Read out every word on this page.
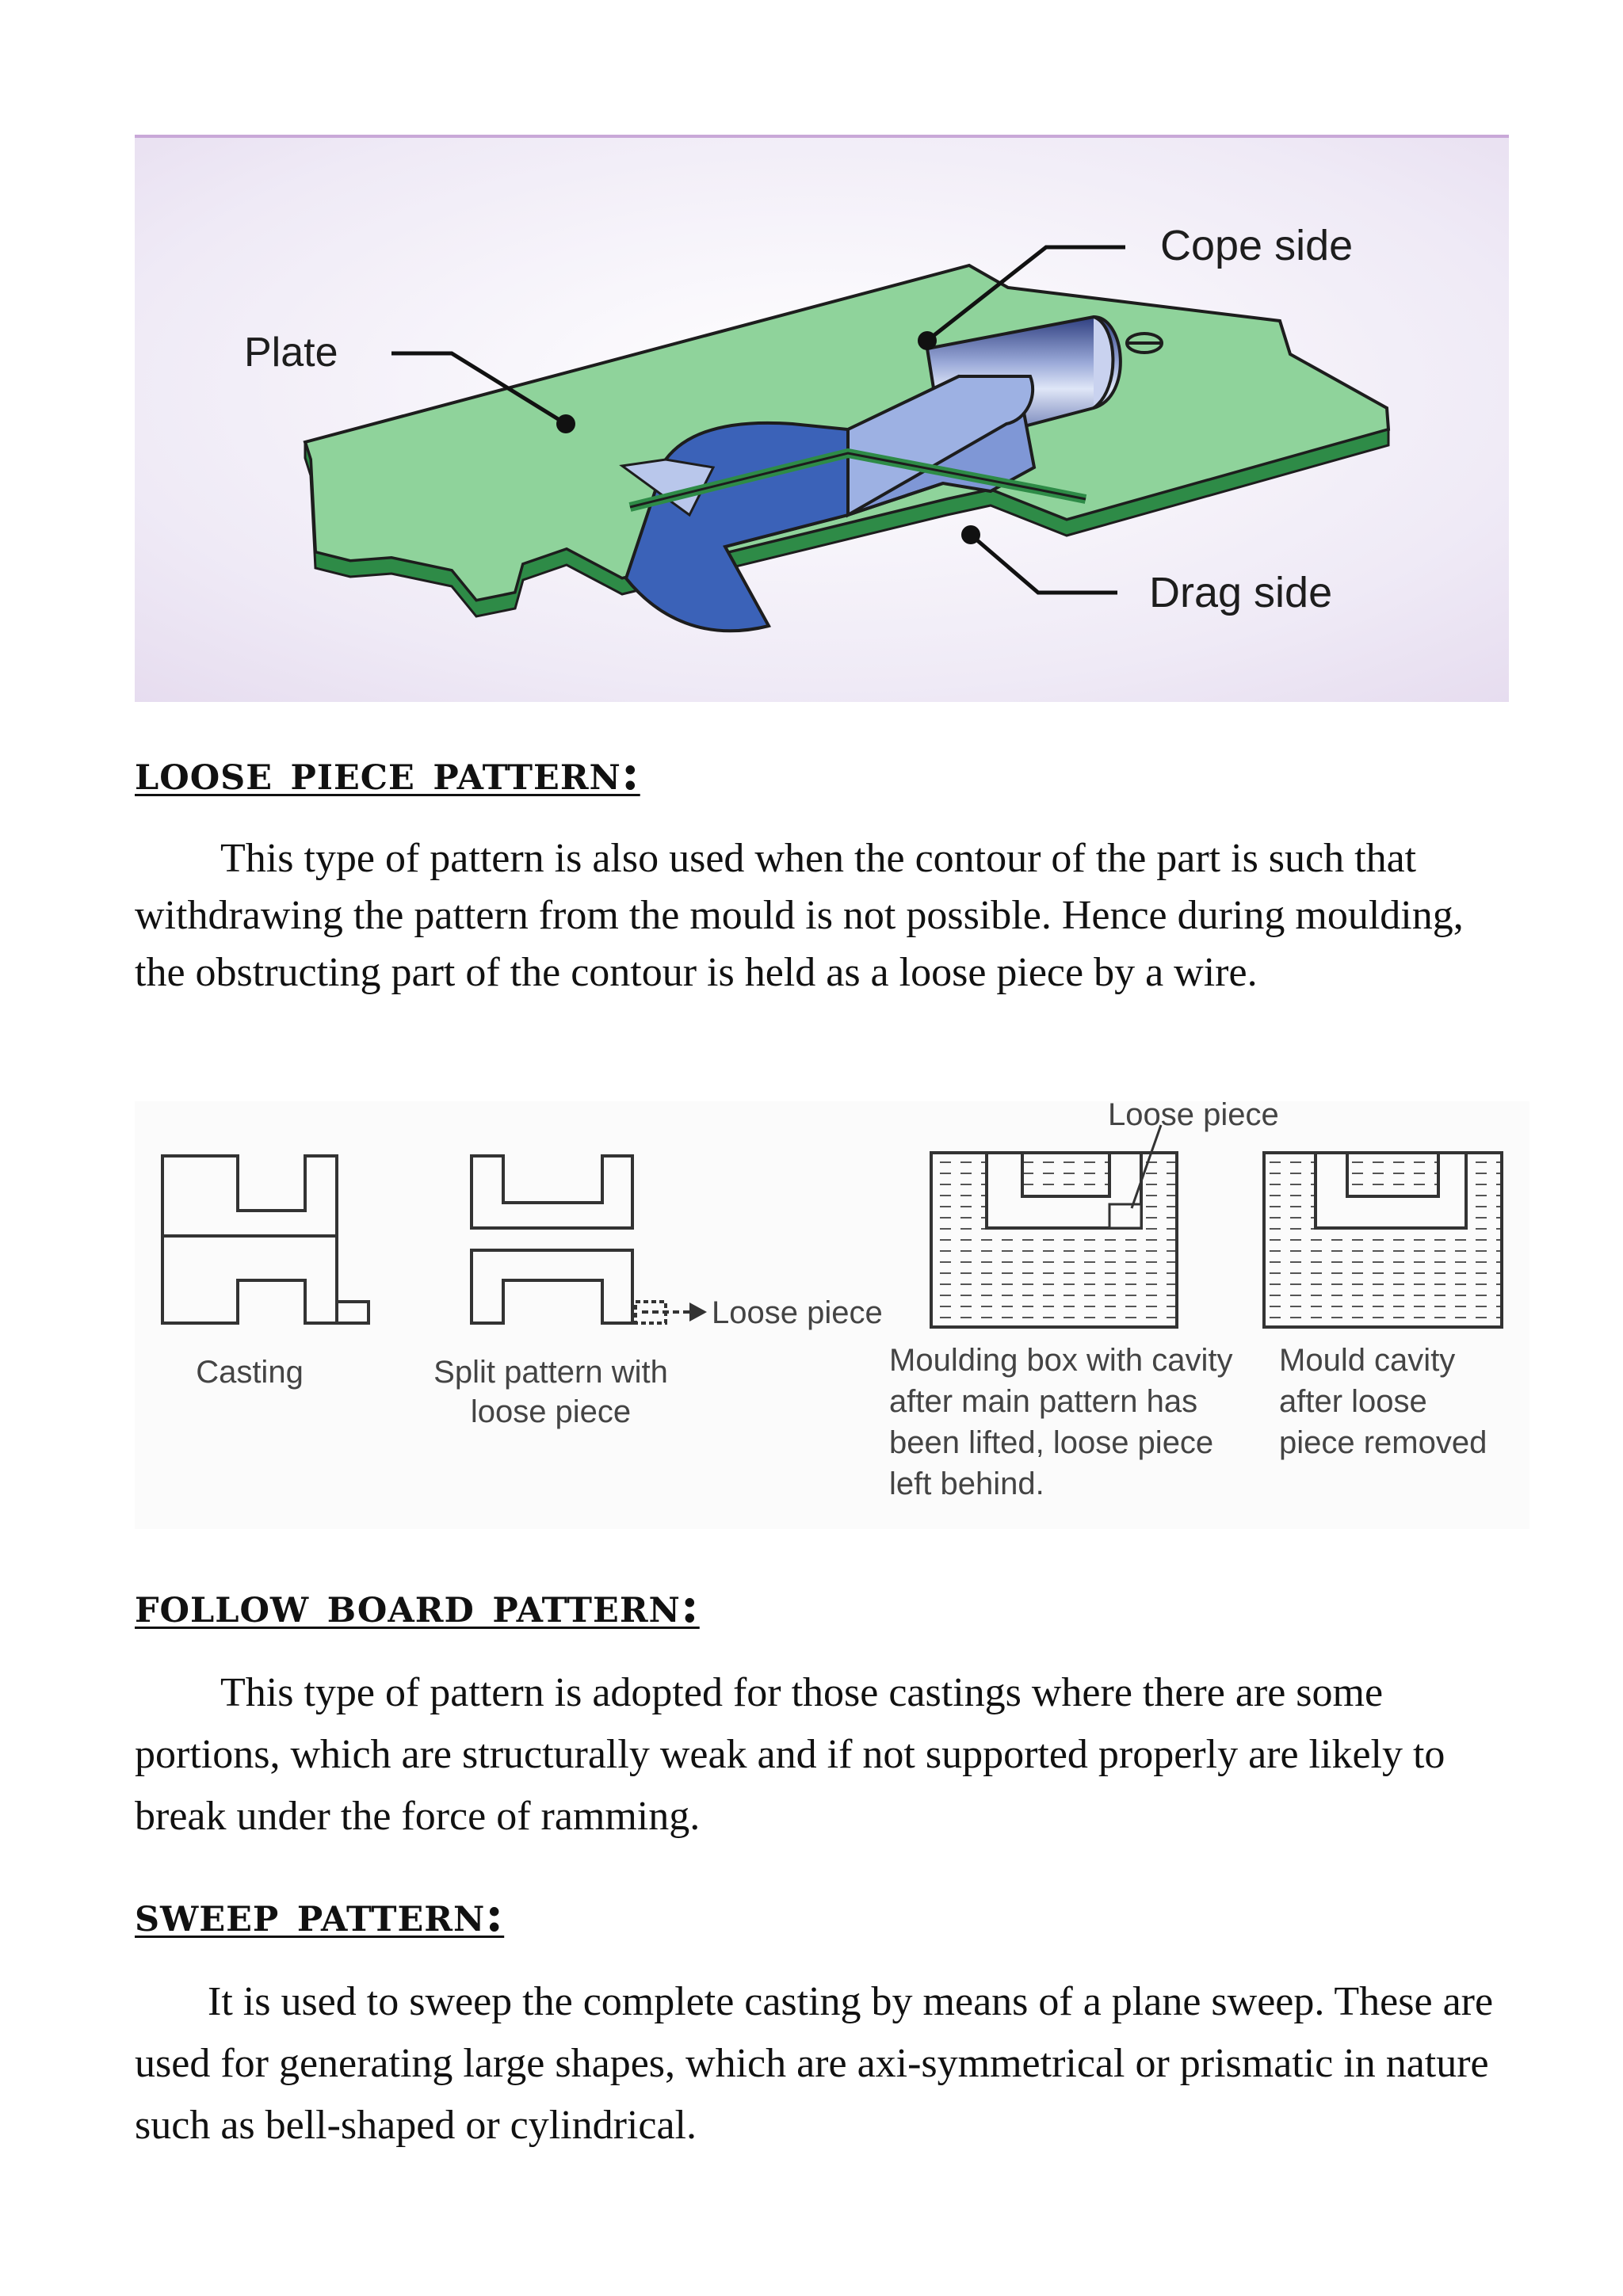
Plate
Cope side
Drag side
loose piece pattern:

This type of pattern is also used when the contour of the part is such that withdrawing the pattern from the mould is not possible. Hence during moulding, the obstructing part of the contour is held as a loose piece by a wire.

Casting
Loose piece
Split pattern with
loose piece
Loose piece
Moulding box with cavity
after main pattern has
been lifted, loose piece
left behind.
Mould cavity
after loose
piece removed
follow board pattern:

This type of pattern is adopted for those castings where there are some portions, which are structurally weak and if not supported properly are likely to break under the force of ramming.

sweep pattern:

It is used to sweep the complete casting by means of a plane sweep. These are used for generating large shapes, which are axi-symmetrical or prismatic in nature such as bell-shaped or cylindrical.
